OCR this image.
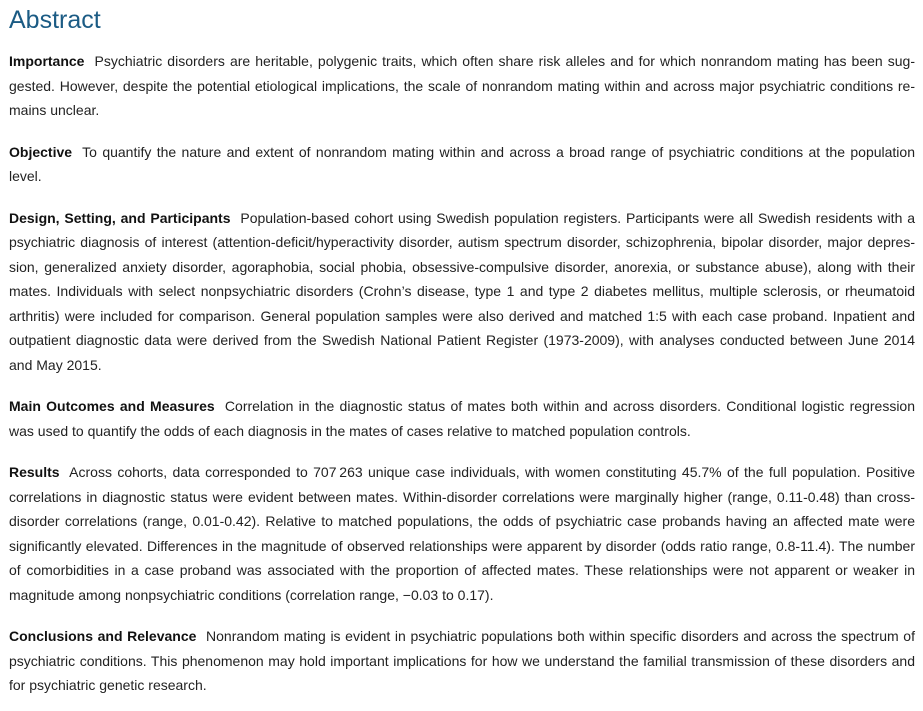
Abstract

Importance Psychiatric disorders are heritable, polygenic traits, which often share risk alleles and for which nonrandom mating has been suggested. However, despite the potential etiological implications, the scale of nonrandom mating within and across major psychiatric conditions remains unclear.

Objective To quantify the nature and extent of nonrandom mating within and across a broad range of psychiatric conditions at the population level.

Design, Setting, and Participants Population-based cohort using Swedish population registers. Participants were all Swedish residents with a psychiatric diagnosis of interest (attention-deficit/hyperactivity disorder, autism spectrum disorder, schizophrenia, bipolar disorder, major depression, generalized anxiety disorder, agoraphobia, social phobia, obsessive-compulsive disorder, anorexia, or substance abuse), along with their mates. Individuals with select nonpsychiatric disorders (Crohn’s disease, type 1 and type 2 diabetes mellitus, multiple sclerosis, or rheumatoid arthritis) were included for comparison. General population samples were also derived and matched 1:5 with each case proband. Inpatient and outpatient diagnostic data were derived from the Swedish National Patient Register (1973-2009), with analyses conducted between June 2014 and May 2015.

Main Outcomes and Measures Correlation in the diagnostic status of mates both within and across disorders. Conditional logistic regression was used to quantify the odds of each diagnosis in the mates of cases relative to matched population controls.

Results Across cohorts, data corresponded to 707 263 unique case individuals, with women constituting 45.7% of the full population. Positive correlations in diagnostic status were evident between mates. Within-disorder correlations were marginally higher (range, 0.11-0.48) than cross-disorder correlations (range, 0.01-0.42). Relative to matched populations, the odds of psychiatric case probands having an affected mate were significantly elevated. Differences in the magnitude of observed relationships were apparent by disorder (odds ratio range, 0.8-11.4). The number of comorbidities in a case proband was associated with the proportion of affected mates. These relationships were not apparent or weaker in magnitude among nonpsychiatric conditions (correlation range, −0.03 to 0.17).

Conclusions and Relevance Nonrandom mating is evident in psychiatric populations both within specific disorders and across the spectrum of psychiatric conditions. This phenomenon may hold important implications for how we understand the familial transmission of these disorders and for psychiatric genetic research.
